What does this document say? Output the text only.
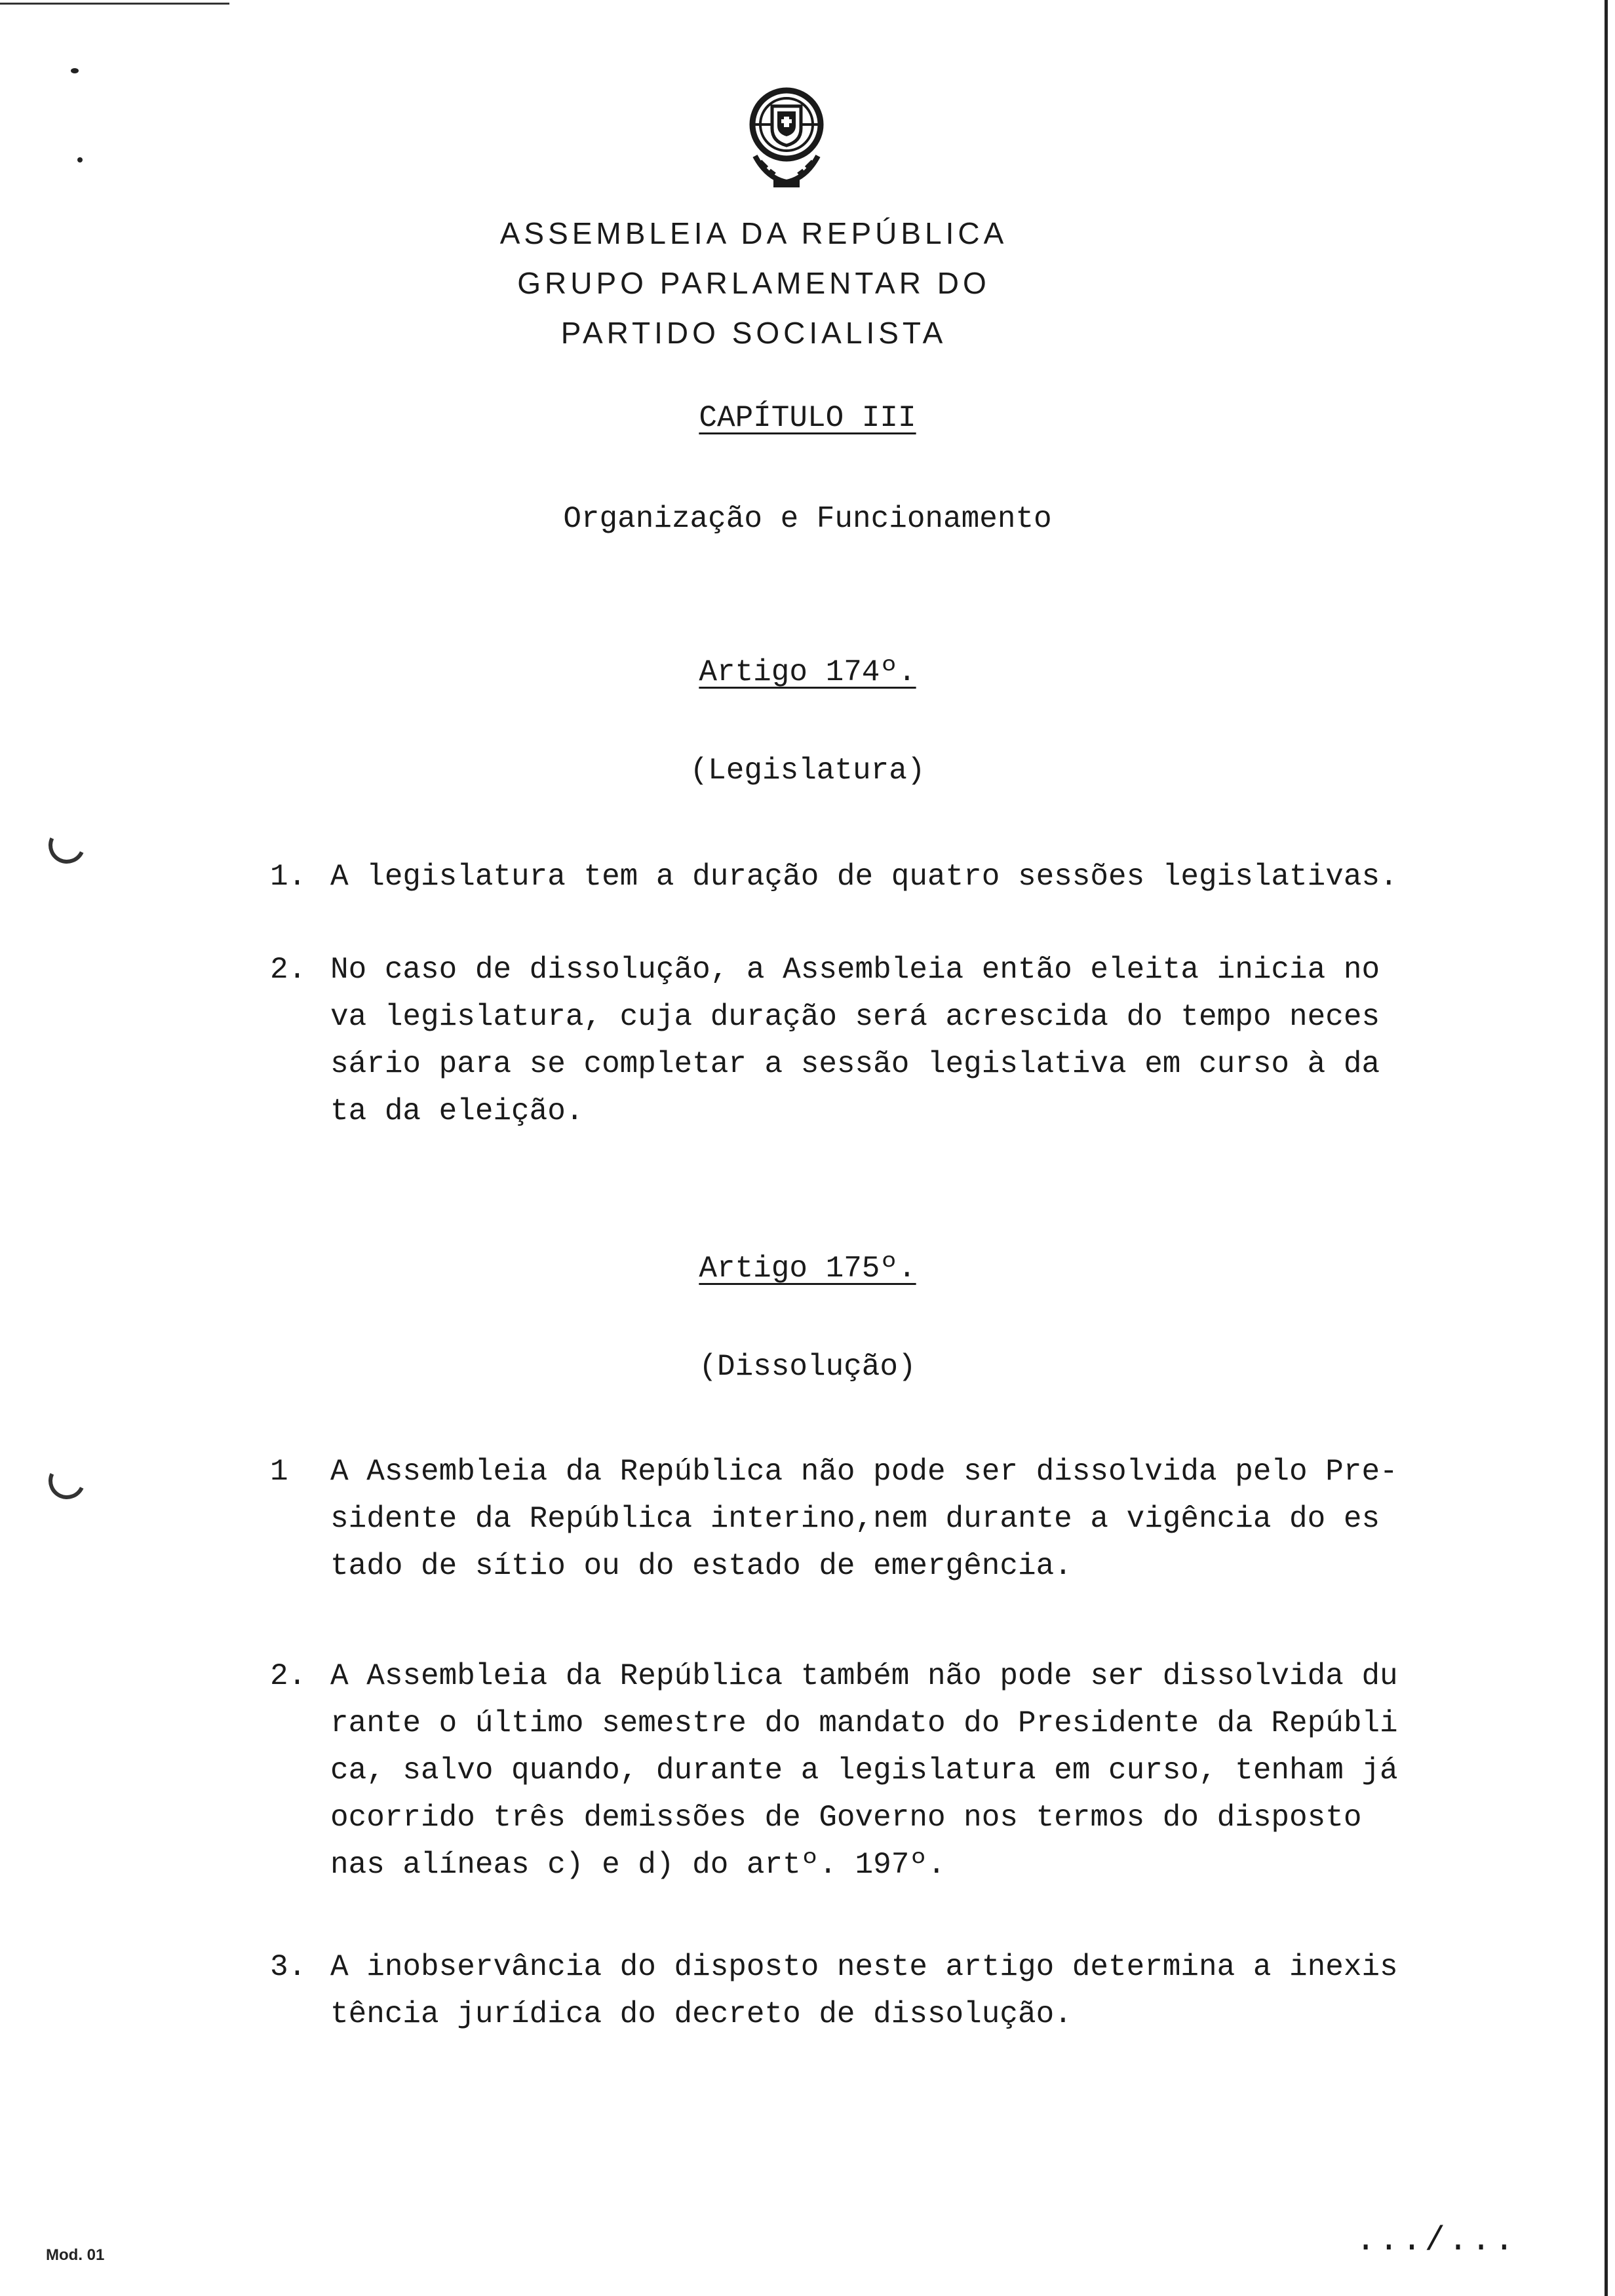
ASSEMBLEIA DA REPÚBLICA
GRUPO PARLAMENTAR DO
PARTIDO SOCIALISTA
CAPÍTULO III
Organização e Funcionamento
Artigo 174º.
(Legislatura)
1. A legislatura tem a duração de quatro sessões legislativas.
2. No caso de dissolução, a Assembleia então eleita inicia no
va legislatura, cuja duração será acrescida do tempo neces
sário para se completar a sessão legislativa em curso à da
ta da eleição.
Artigo 175º.
(Dissolução)
1	A Assembleia da República não pode ser dissolvida pelo Pre-
sidente da República interino,nem durante a vigência do es
tado de sítio ou do estado de emergência.
2. A Assembleia da República também não pode ser dissolvida du
rante o último semestre do mandato do Presidente da Repúbli
ca, salvo quando, durante a legislatura em curso, tenham já
ocorrido três demissões de Governo nos termos do disposto
nas alíneas c) e d) do artº. 197º.
3. A inobservância do disposto neste artigo determina a inexis
tência jurídica do decreto de dissolução.
Mod. 01	.../...
